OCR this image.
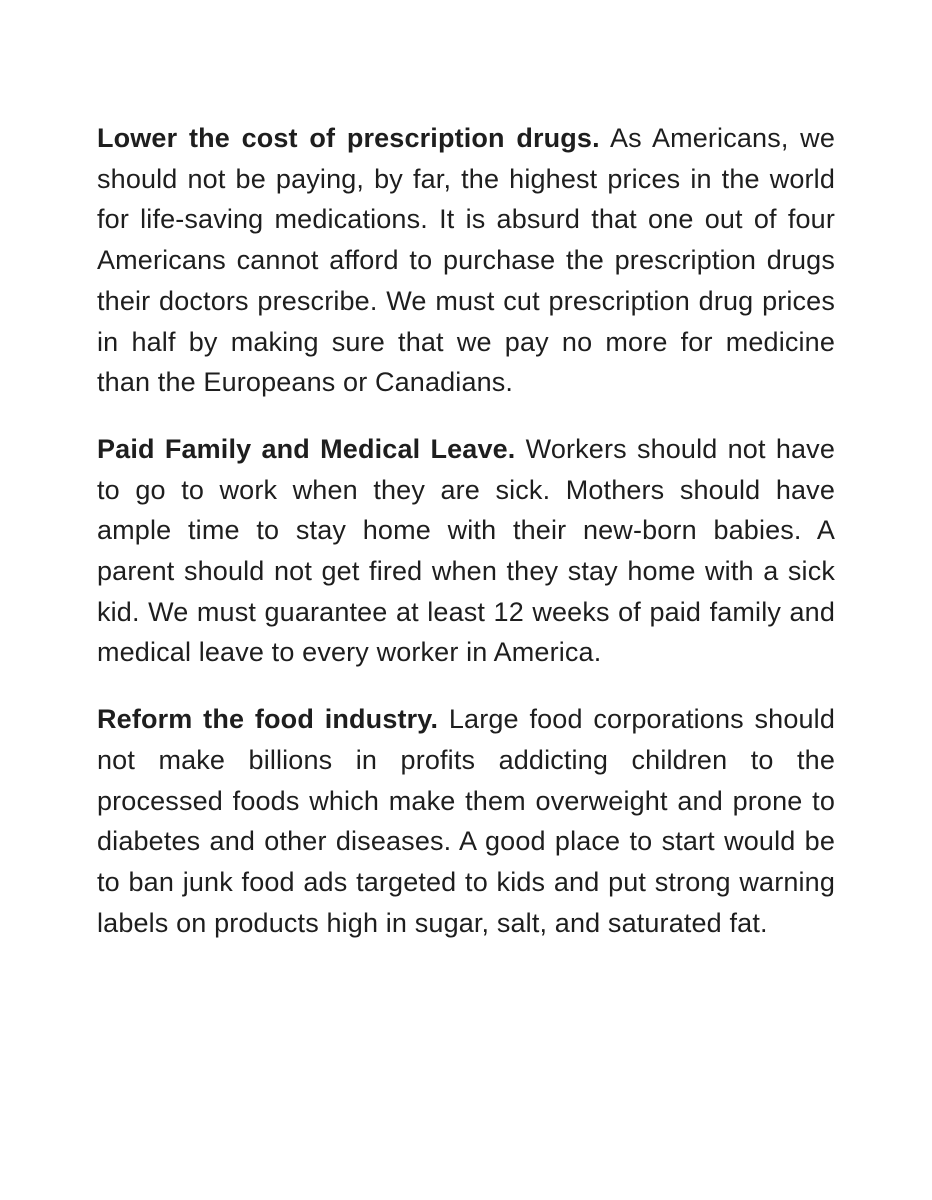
Lower the cost of prescription drugs. As Americans, we should not be paying, by far, the highest prices in the world for life-saving medications. It is absurd that one out of four Americans cannot afford to purchase the prescription drugs their doctors prescribe. We must cut prescription drug prices in half by making sure that we pay no more for medicine than the Europeans or Canadians.

Paid Family and Medical Leave. Workers should not have to go to work when they are sick. Mothers should have ample time to stay home with their new-born babies. A parent should not get fired when they stay home with a sick kid. We must guarantee at least 12 weeks of paid family and medical leave to every worker in America.

Reform the food industry. Large food corporations should not make billions in profits addicting children to the processed foods which make them overweight and prone to diabetes and other diseases. A good place to start would be to ban junk food ads targeted to kids and put strong warning labels on products high in sugar, salt, and saturated fat.
